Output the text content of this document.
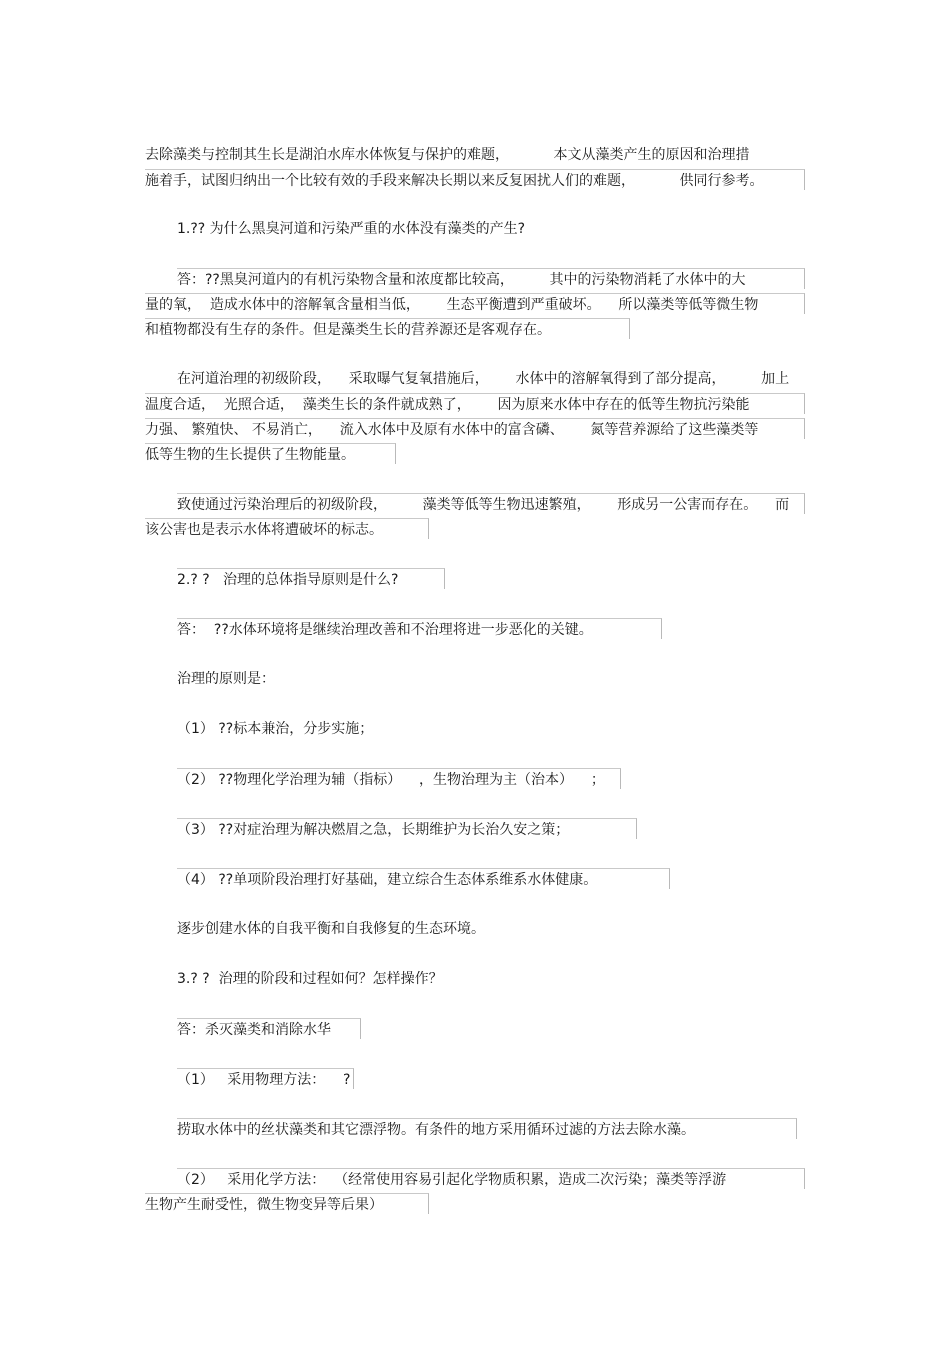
去除藻类与控制其生长是湖泊水库水体恢复与保护的难题，          本文从藻类产生的原因和治理措
施着手，试图归纳出一个比较有效的手段来解决长期以来反复困扰人们的难题，          供同行参考。
1.?? 为什么黑臭河道和污染严重的水体没有藻类的产生?
答：??黑臭河道内的有机污染物含量和浓度都比较高，        其中的污染物消耗了水体中的大
量的氧，  造成水体中的溶解氧含量相当低，      生态平衡遭到严重破坏。    所以藻类等低等微生物
和植物都没有生存的条件。但是藻类生长的营养源还是客观存在。
在河道治理的初级阶段，    采取曝气复氧措施后，      水体中的溶解氧得到了部分提高，        加上
温度合适，  光照合适，  藻类生长的条件就成熟了，      因为原来水体中存在的低等生物抗污染能
力强、 繁殖快、 不易消亡，    流入水体中及原有水体中的富含磷、      氮等营养源给了这些藻类等
低等生物的生长提供了生物能量。
致使通过污染治理后的初级阶段，        藻类等低等生物迅速繁殖，      形成另一公害而存在。    而
该公害也是表示水体将遭破坏的标志。
2.? ?   治理的总体指导原则是什么?
答：  ??水体环境将是继续治理改善和不治理将进一步恶化的关键。
治理的原则是：
（1） ??标本兼治，分步实施；
（2） ??物理化学治理为辅（指标）    ，生物治理为主（治本）    ；
（3） ??对症治理为解决燃眉之急，长期维护为长治久安之策；
（4） ??单项阶段治理打好基础，建立综合生态体系维系水体健康。
逐步创建水体的自我平衡和自我修复的生态环境。
3.? ?  治理的阶段和过程如何？怎样操作？
答：杀灭藻类和消除水华
（1）   采用物理方法：    ?
捞取水体中的丝状藻类和其它漂浮物。有条件的地方采用循环过滤的方法去除水藻。
（2）   采用化学方法：  （经常使用容易引起化学物质积累，造成二次污染；藻类等浮游
生物产生耐受性，微生物变异等后果）
